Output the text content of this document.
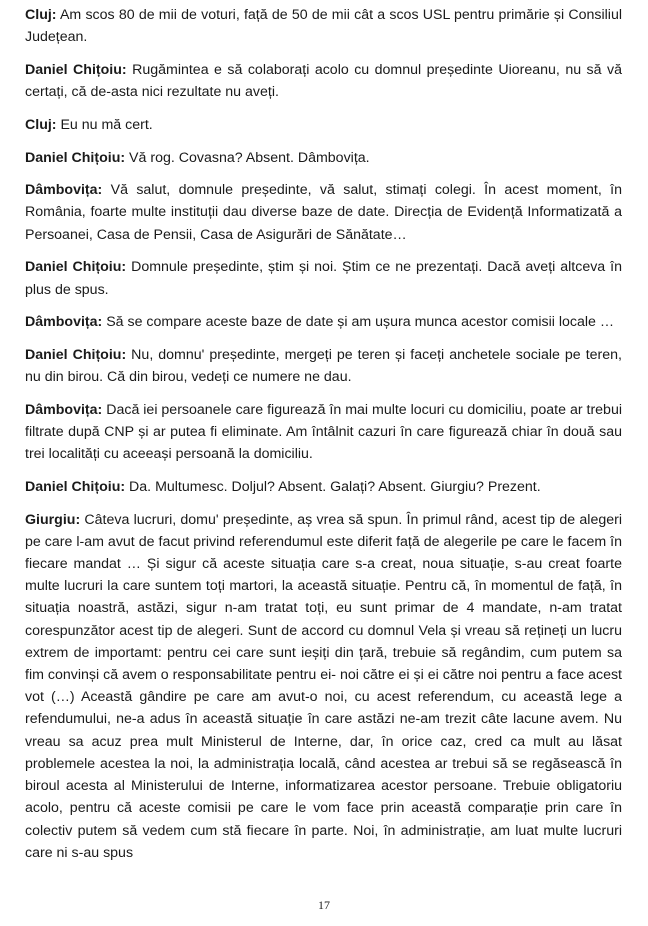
Cluj: Am scos 80 de mii de voturi, față de 50 de mii cât a scos USL pentru primărie și Consiliul Județean.

Daniel Chițoiu: Rugămintea e să colaborați acolo cu domnul președinte Uioreanu, nu să vă certați, că de-asta nici rezultate nu aveți.

Cluj: Eu nu mă cert.

Daniel Chițoiu: Vă rog. Covasna? Absent. Dâmbovița.

Dâmbovița: Vă salut, domnule președinte, vă salut, stimați colegi. În acest moment, în România, foarte multe instituții dau diverse baze de date. Direcția de Evidență Informatizată a Persoanei, Casa de Pensii, Casa de Asigurări de Sănătate…

Daniel Chițoiu: Domnule președinte, știm și noi. Știm ce ne prezentați. Dacă aveți altceva în plus de spus.

Dâmbovița: Să se compare aceste baze de date și am ușura munca acestor comisii locale …

Daniel Chițoiu: Nu, domnu' președinte, mergeți pe teren și faceți anchetele sociale pe teren, nu din birou. Că din birou, vedeți ce numere ne dau.

Dâmbovița: Dacă iei persoanele care figurează în mai multe locuri cu domiciliu, poate ar trebui filtrate după CNP și ar putea fi eliminate. Am întâlnit cazuri în care figurează chiar în două sau trei localități cu aceeași persoană la domiciliu.

Daniel Chițoiu: Da. Multumesc. Doljul? Absent. Galați? Absent. Giurgiu? Prezent.

Giurgiu: Câteva lucruri, domu' președinte, aș vrea să spun. În primul rând, acest tip de alegeri pe care l-am avut de facut privind referendumul este diferit față de alegerile pe care le facem în fiecare mandat … Și sigur că aceste situația care s-a creat, noua situație, s-au creat foarte multe lucruri la care suntem toți martori, la această situație. Pentru că, în momentul de față, în situația noastră, astăzi, sigur n-am tratat toți, eu sunt primar de 4 mandate, n-am tratat corespunzător acest tip de alegeri. Sunt de accord cu domnul Vela și vreau să rețineți un lucru extrem de importamt: pentru cei care sunt ieșiți din țară, trebuie să regândim, cum putem sa fim convinși că avem o responsabilitate pentru ei- noi către ei și ei către noi pentru a face acest vot (…) Această gândire pe care am avut-o noi, cu acest referendum, cu această lege a refendumului, ne-a adus în această situație în care astăzi ne-am trezit câte lacune avem. Nu vreau sa acuz prea mult Ministerul de Interne, dar, în orice caz, cred ca mult au lăsat problemele acestea la noi, la administrația locală, când acestea ar trebui să se regăsească în biroul acesta al Ministerului de Interne, informatizarea acestor persoane. Trebuie obligatoriu acolo, pentru că aceste comisii pe care le vom face prin această comparație prin care în colectiv putem să vedem cum stă fiecare în parte. Noi, în administrație, am luat multe lucruri care ni s-au spus

17
